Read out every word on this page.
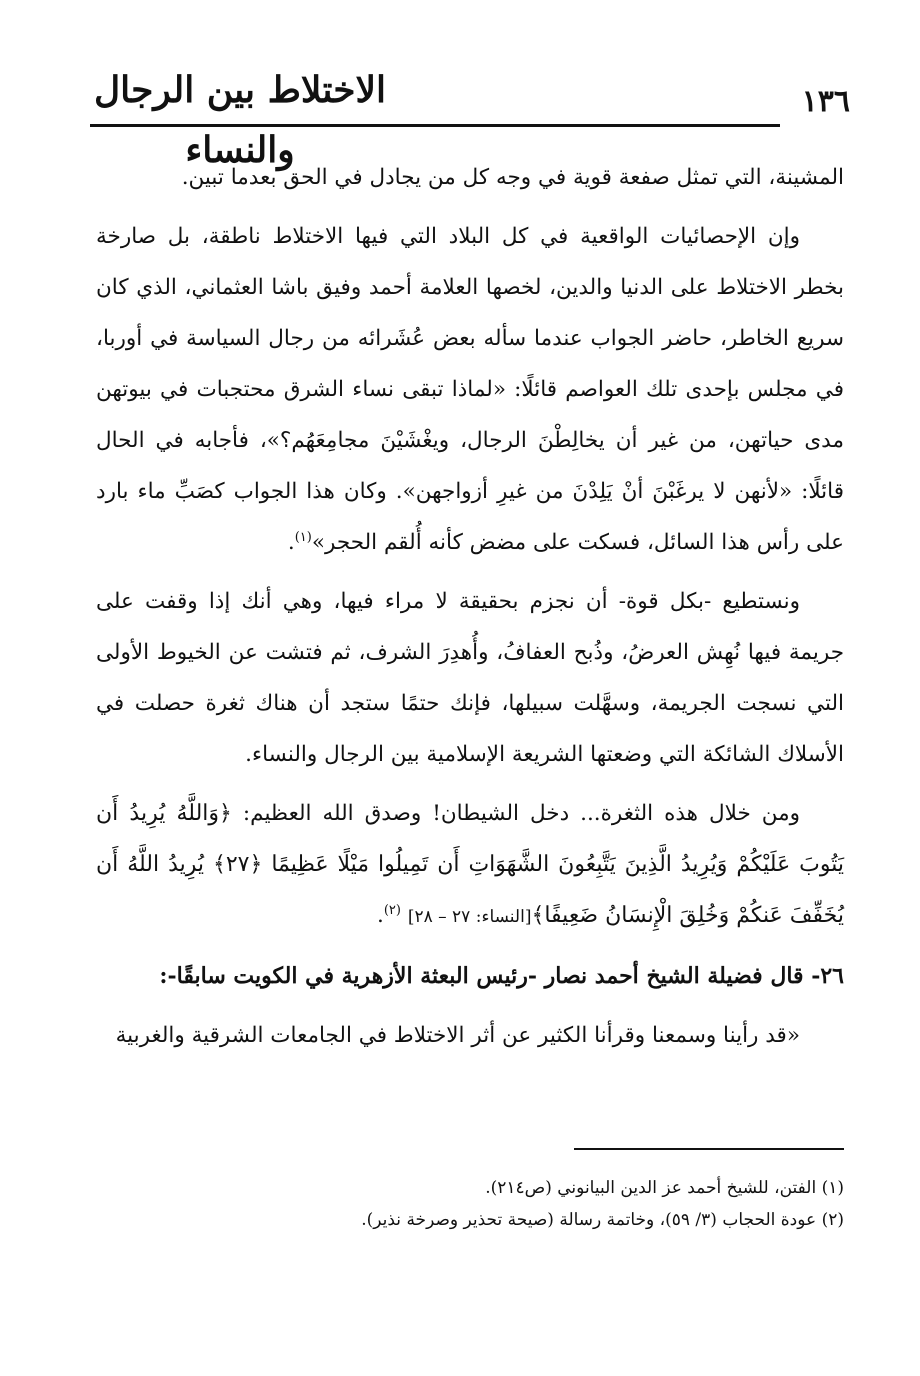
الاختلاط بين الرجال والنساء
١٣٦

المشينة، التي تمثل صفعة قوية في وجه كل من يجادل في الحق بعدما تبين.

وإن الإحصائيات الواقعية في كل البلاد التي فيها الاختلاط ناطقة، بل صارخة بخطر الاختلاط على الدنيا والدين، لخصها العلامة أحمد وفيق باشا العثماني، الذي كان سريع الخاطر، حاضر الجواب عندما سأله بعض عُشَرائه من رجال السياسة في أوربا، في مجلس بإحدى تلك العواصم قائلًا: «لماذا تبقى نساء الشرق محتجبات في بيوتهن مدى حياتهن، من غير أن يخالِطْنَ الرجال، ويغْشَيْنَ مجامِعَهُم؟»، فأجابه في الحال قائلًا: «لأنهن لا يرغَبْنَ أنْ يَلِدْنَ من غيرِ أزواجهن». وكان هذا الجواب كصَبِّ ماء بارد على رأس هذا السائل، فسكت على مضض كأنه أُلقم الحجر»$^{(١)}$.

ونستطيع -بكل قوة- أن نجزم بحقيقة لا مراء فيها، وهي أنك إذا وقفت على جريمة فيها نُهِش العرضُ، وذُبح العفافُ، وأُهدِرَ الشرف، ثم فتشت عن الخيوط الأولى التي نسجت الجريمة، وسهَّلت سبيلها، فإنك حتمًا ستجد أن هناك ثغرة حصلت في الأسلاك الشائكة التي وضعتها الشريعة الإسلامية بين الرجال والنساء.

ومن خلال هذه الثغرة... دخل الشيطان! وصدق الله العظيم: ﴿وَاللَّهُ يُرِيدُ أَن يَتُوبَ عَلَيْكُمْ وَيُرِيدُ الَّذِينَ يَتَّبِعُونَ الشَّهَوَاتِ أَن تَمِيلُوا مَيْلًا عَظِيمًا ﴿٢٧﴾ يُرِيدُ اللَّهُ أَن يُخَفِّفَ عَنكُمْ وَخُلِقَ الْإِنسَانُ ضَعِيفًا﴾[النساء: ٢٧ – ٢٨] $^{(٢)}$.

٢٦- قال فضيلة الشيخ أحمد نصار -رئيس البعثة الأزهرية في الكويت سابقًا-:

«قد رأينا وسمعنا وقرأنا الكثير عن أثر الاختلاط في الجامعات الشرقية والغربية

(١) الفتن، للشيخ أحمد عز الدين البيانوني (ص٢١٤).

(٢) عودة الحجاب (٣/ ٥٩)، وخاتمة رسالة (صيحة تحذير وصرخة نذير).
